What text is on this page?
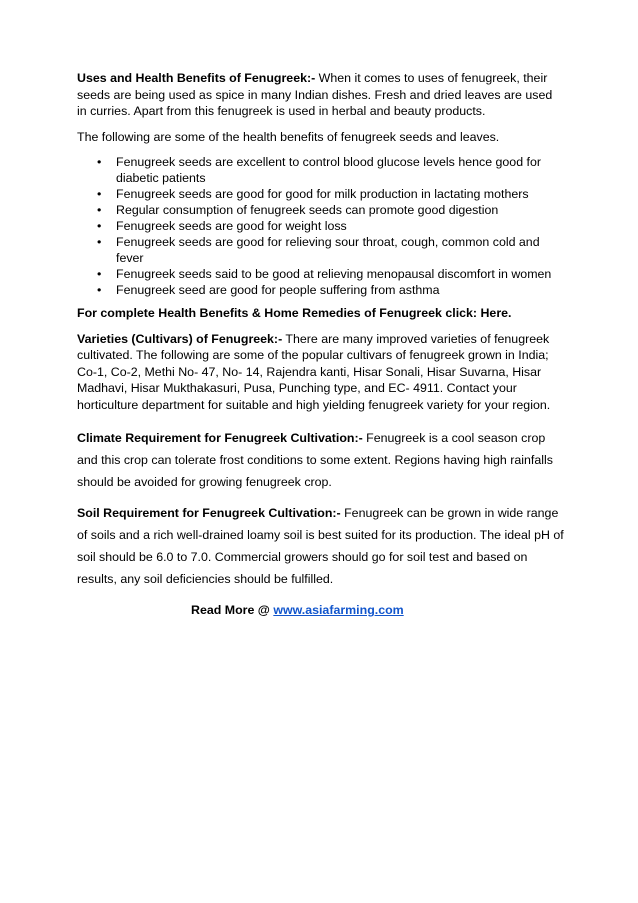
Uses and Health Benefits of Fenugreek:- When it comes to uses of fenugreek, their seeds are being used as spice in many Indian dishes. Fresh and dried leaves are used in curries. Apart from this fenugreek is used in herbal and beauty products.

The following are some of the health benefits of fenugreek seeds and leaves.

• Fenugreek seeds are excellent to control blood glucose levels hence good for diabetic patients
• Fenugreek seeds are good for good for milk production in lactating mothers
• Regular consumption of fenugreek seeds can promote good digestion
• Fenugreek seeds are good for weight loss
• Fenugreek seeds are good for relieving sour throat, cough, common cold and fever
• Fenugreek seeds said to be good at relieving menopausal discomfort in women
• Fenugreek seed are good for people suffering from asthma

For complete Health Benefits & Home Remedies of Fenugreek click: Here.

Varieties (Cultivars) of Fenugreek:- There are many improved varieties of fenugreek cultivated. The following are some of the popular cultivars of fenugreek grown in India; Co-1, Co-2, Methi No- 47, No- 14, Rajendra kanti, Hisar Sonali, Hisar Suvarna, Hisar Madhavi, Hisar Mukthakasuri, Pusa, Punching type, and EC- 4911. Contact your horticulture department for suitable and high yielding fenugreek variety for your region.

Climate Requirement for Fenugreek Cultivation:- Fenugreek is a cool season crop and this crop can tolerate frost conditions to some extent. Regions having high rainfalls should be avoided for growing fenugreek crop.

Soil Requirement for Fenugreek Cultivation:- Fenugreek can be grown in wide range of soils and a rich well-drained loamy soil is best suited for its production. The ideal pH of soil should be 6.0 to 7.0. Commercial growers should go for soil test and based on results, any soil deficiencies should be fulfilled.

Read More @ www.asiafarming.com
